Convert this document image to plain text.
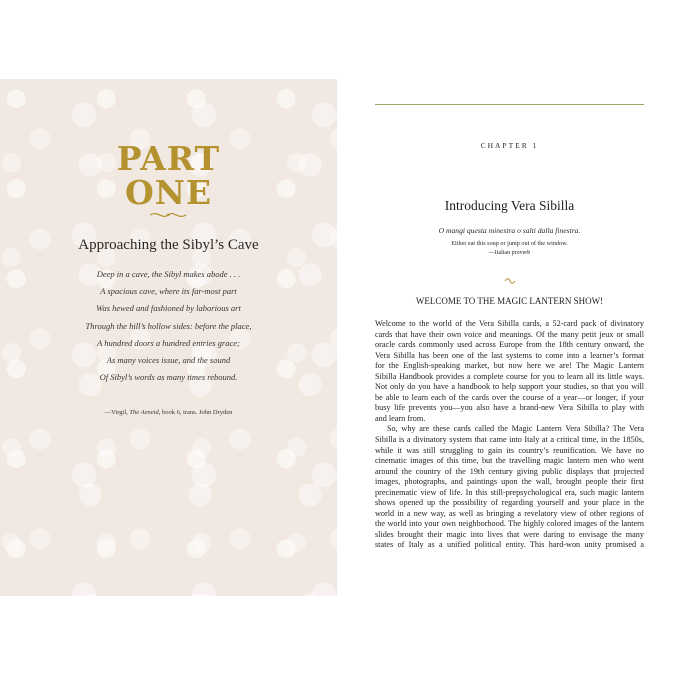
PART
ONE
Approaching the Sibyl’s Cave
Deep in a cave, the Sibyl makes abode . . .
A spacious cave, where its far-most part
Was hewed and fashioned by laborious art
Through the hill’s hollow sides: before the place,
A hundred doors a hundred entries grace;
As many voices issue, and the sound
Of Sibyl’s words as many times rebound.
—Virgil, The Aeneid, book 6, trans. John Dryden
CHAPTER 1
Introducing Vera Sibilla
O mangi questa minestra o salti dalla finestra.
Either eat this soup or jump out of the window.
—Italian proverb
WELCOME TO THE MAGIC LANTERN SHOW!
Welcome to the world of the Vera Sibilla cards, a 52-card pack of divinatory
cards that have their own voice and meanings. Of the many petit jeux or small
oracle cards commonly used across Europe from the 18th century onward, the
Vera Sibilla has been one of the last systems to come into a learner’s format
for the English-speaking market, but now here we are! The Magic Lantern
Sibilla Handbook provides a complete course for you to learn all its little ways.
Not only do you have a handbook to help support your studies, so that you will
be able to learn each of the cards over the course of a year—or longer, if your
busy life prevents you—you also have a brand-new Vera Sibilla to play with
and learn from.
So, why are these cards called the Magic Lantern Vera Sibilla? The Vera
Sibilla is a divinatory system that came into Italy at a critical time, in the 1850s,
while it was still struggling to gain its country’s reunification. We have no
cinematic images of this time, but the travelling magic lantern men who went
around the country of the 19th century giving public displays that projected
images, photographs, and paintings upon the wall, brought people their first
precinematic view of life. In this still-prepsychological era, such magic lantern
shows opened up the possibility of regarding yourself and your place in the
world in a new way, as well as bringing a revelatory view of other regions of
the world into your own neighborhood. The highly colored images of the lantern
slides brought their magic into lives that were daring to envisage the many
states of Italy as a unified political entity. This hard-won unity promised a
